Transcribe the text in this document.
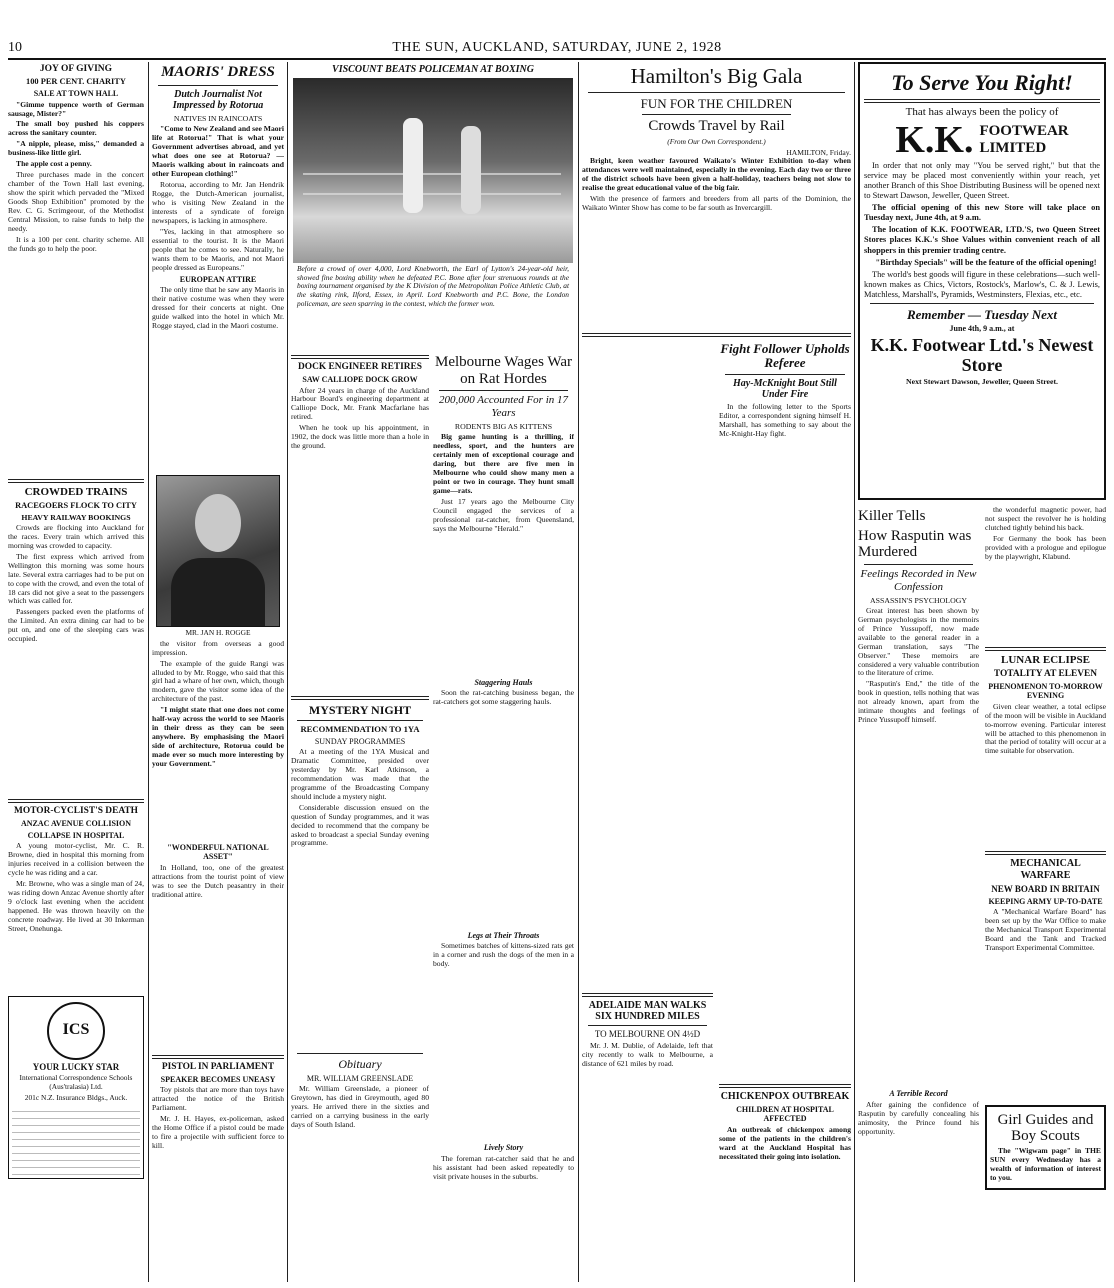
10	THE SUN, AUCKLAND, SATURDAY, JUNE 2, 1928
JOY OF GIVING
100 PER CENT. CHARITY
SALE AT TOWN HALL

"Gimme tuppence worth of German sausage, Mister?"

The small boy pushed his coppers across the sanitary counter.

"A nipple, please, miss," demanded a business-like little girl.

The apple cost a penny.

Three purchases made in the concert chamber of the Town Hall last evening, show the spirit which pervaded the "Mixed Goods Shop Exhibition" promoted by the Rev. C. G. Scrimgeour, of the Methodist Central Mission, to raise funds to help the needy.

It is a 100 per cent. charity scheme. All the funds go to help the poor.

CROWDED TRAINS
RACEGOERS FLOCK TO CITY
HEAVY RAILWAY BOOKINGS

Crowds are flocking into Auckland for the races. Every train which arrived this morning was crowded to capacity.

The first express which arrived from Wellington this morning was some hours late. Several extra carriages had to be put on to cope with the crowd, and even the total of 18 cars did not give a seat to the passengers which was called for.

Passengers packed even the platforms of the Limited. An extra dining car had to be put on, and one of the sleeping cars was occupied.

MOTOR-CYCLIST'S DEATH
ANZAC AVENUE COLLISION
COLLAPSE IN HOSPITAL

A young motor-cyclist, Mr. C. R. Browne, died in hospital this morning from injuries received in a collision between the cycle he was riding and a car.

Mr. Browne, who was a single man of 24, was riding down Anzac Avenue shortly after 9 o'clock last evening when the accident happened. He was thrown heavily on the concrete roadway. He lived at 30 Inkerman Street, Onehunga.

ICS
YOUR LUCKY STAR
International Correspondence Schools (Aus'tralasia) Ltd.
201c N.Z. Insurance Bldgs., Auck.
MAORIS' DRESS
Dutch Journalist Not Impressed by Rotorua
NATIVES IN RAINCOATS

"Come to New Zealand and see Maori life at Rotorua!" That is what your Government advertises abroad, and yet what does one see at Rotorua? — Maoris walking about in raincoats and other European clothing!"

Rotorua, according to Mr. Jan Hendrik Rogge, the Dutch-American journalist, who is visiting New Zealand in the interests of a syndicate of foreign newspapers, is lacking in atmosphere.

"Yes, lacking in that atmosphere so essential to the tourist. It is the Maori people that he comes to see. Naturally, he wants them to be Maoris, and not Maori people dressed as Europeans."

EUROPEAN ATTIRE

The only time that he saw any Maoris in their native costume was when they were dressed for their concerts at night. One guide walked into the hotel in which Mr. Rogge stayed, clad in the Maori costume.

MR. JAN H. ROGGE

the visitor from overseas a good impression.

The example of the guide Rangi was alluded to by Mr. Rogge, who said that this girl had a whare of her own, which, though modern, gave the visitor some idea of the architecture of the past.

"I might state that one does not come half-way across the world to see Maoris in their dress as they can be seen anywhere. By emphasising the Maori side of architecture, Rotorua could be made ever so much more interesting by your Government."

"WONDERFUL NATIONAL ASSET"

In Holland, too, one of the greatest attractions from the tourist point of view was to see the Dutch peasantry in their traditional attire.

PISTOL IN PARLIAMENT
SPEAKER BECOMES UNEASY

Toy pistols that are more than toys have attracted the notice of the British Parliament.

Mr. J. H. Hayes, ex-policeman, asked the Home Office if a pistol could be made to fire a projectile with sufficient force to kill.

VISCOUNT BEATS POLICEMAN AT BOXING
Before a crowd of over 4,000, Lord Knebworth, the Earl of Lytton's 24-year-old heir, showed fine boxing ability when he defeated P.C. Bone after four strenuous rounds at the boxing tournament organised by the K Division of the Metropolitan Police Athletic Club, at the skating rink, Ilford, Essex, in April. Lord Knebworth and P.C. Bone, the London policeman, are seen sparring in the contest, which the former won.
DOCK ENGINEER RETIRES
SAW CALLIOPE DOCK GROW

After 24 years in charge of the Auckland Harbour Board's engineering department at Calliope Dock, Mr. Frank Macfarlane has retired.

When he took up his appointment, in 1902, the dock was little more than a hole in the ground.

MYSTERY NIGHT
RECOMMENDATION TO 1YA
SUNDAY PROGRAMMES

At a meeting of the 1YA Musical and Dramatic Committee, presided over yesterday by Mr. Karl Atkinson, a recommendation was made that the programme of the Broadcasting Company should include a mystery night.

Considerable discussion ensued on the question of Sunday programmes, and it was decided to recommend that the company be asked to broadcast a special Sunday evening programme.

Obituary
MR. WILLIAM GREENSLADE

Mr. William Greenslade, a pioneer of Greytown, has died in Greymouth, aged 80 years. He arrived there in the sixties and carried on a carrying business in the early days of South Island.

Melbourne Wages War on Rat Hordes
200,000 Accounted For in 17 Years
RODENTS BIG AS KITTENS

Big game hunting is a thrilling, if needless, sport, and the hunters are certainly men of exceptional courage and daring, but there are five men in Melbourne who could show many men a point or two in courage. They hunt small game—rats.

Just 17 years ago the Melbourne City Council engaged the services of a professional rat-catcher, from Queensland, says the Melbourne "Herald."

Staggering Hauls

Soon the rat-catching business began, the rat-catchers got some staggering hauls.

Legs at Their Throats

Sometimes batches of kittens-sized rats get in a corner and rush the dogs of the men in a body.

Lively Story

The foreman rat-catcher said that he and his assistant had been asked repeatedly to visit private houses in the suburbs.

Hamilton's Big Gala
FUN FOR THE CHILDREN
Crowds Travel by Rail
(From Our Own Correspondent.)
HAMILTON, Friday.

Bright, keen weather favoured Waikato's Winter Exhibition to-day when attendances were well maintained, especially in the evening. Each day two or three of the district schools have been given a half-holiday, teachers being not slow to realise the great educational value of the big fair.

With the presence of farmers and breeders from all parts of the Dominion, the Waikato Winter Show has come to be far south as Invercargill.

ADELAIDE MAN WALKS SIX HUNDRED MILES
TO MELBOURNE ON 4½D

Mr. J. M. Dublie, of Adelaide, left that city recently to walk to Melbourne, a distance of 621 miles by road.

Fight Follower Upholds Referee
Hay-McKnight Bout Still Under Fire

In the following letter to the Sports Editor, a correspondent signing himself H. Marshall, has something to say about the Mc-Knight-Hay fight.

CHICKENPOX OUTBREAK
CHILDREN AT HOSPITAL AFFECTED

An outbreak of chickenpox among some of the patients in the children's ward at the Auckland Hospital has necessitated their going into isolation.

To Serve You Right!
That has always been the policy of
K.K. FOOTWEAR
LIMITED

In order that not only may "You be served right," but that the service may be placed most conveniently within your reach, yet another Branch of this Shoe Distributing Business will be opened next to Stewart Dawson, Jeweller, Queen Street.

The official opening of this new Store will take place on Tuesday next, June 4th, at 9 a.m.

The location of K.K. FOOTWEAR, LTD.'S, two Queen Street Stores places K.K.'s Shoe Values within convenient reach of all shoppers in this premier trading centre.

"Birthday Specials" will be the feature of the official opening!

The world's best goods will figure in these celebrations—such well-known makes as Chics, Victors, Rostock's, Marlow's, C. & J. Lewis, Matchless, Marshall's, Pyramids, Westminsters, Flexias, etc., etc.

Remember — Tuesday Next
June 4th, 9 a.m., at
K.K. Footwear Ltd.'s Newest Store
Next Stewart Dawson, Jeweller, Queen Street.
Killer Tells
How Rasputin was Murdered
Feelings Recorded in New Confession
ASSASSIN'S PSYCHOLOGY

Great interest has been shown by German psychologists in the memoirs of Prince Yussupoff, now made available to the general reader in a German translation, says "The Observer." These memoirs are considered a very valuable contribution to the literature of crime.

"Rasputin's End," the title of the book in question, tells nothing that was not already known, apart from the intimate thoughts and feelings of Prince Yussupoff himself.

A Terrible Record

After gaining the confidence of Rasputin by carefully concealing his animosity, the Prince found his opportunity.

the wonderful magnetic power, had not suspect the revolver he is holding clutched tightly behind his back.

For Germany the book has been provided with a prologue and epilogue by the playwright, Klabund.

LUNAR ECLIPSE
TOTALITY AT ELEVEN
PHENOMENON TO-MORROW EVENING

Given clear weather, a total eclipse of the moon will be visible in Auckland to-morrow evening. Particular interest will be attached to this phenomenon in that the period of totality will occur at a time suitable for observation.

MECHANICAL WARFARE
NEW BOARD IN BRITAIN
KEEPING ARMY UP-TO-DATE

A "Mechanical Warfare Board" has been set up by the War Office to make the Mechanical Transport Experimental Board and the Tank and Tracked Transport Experimental Committee.

Girl Guides and Boy Scouts

The "Wigwam page" in THE SUN every Wednesday has a wealth of information of interest to you.
